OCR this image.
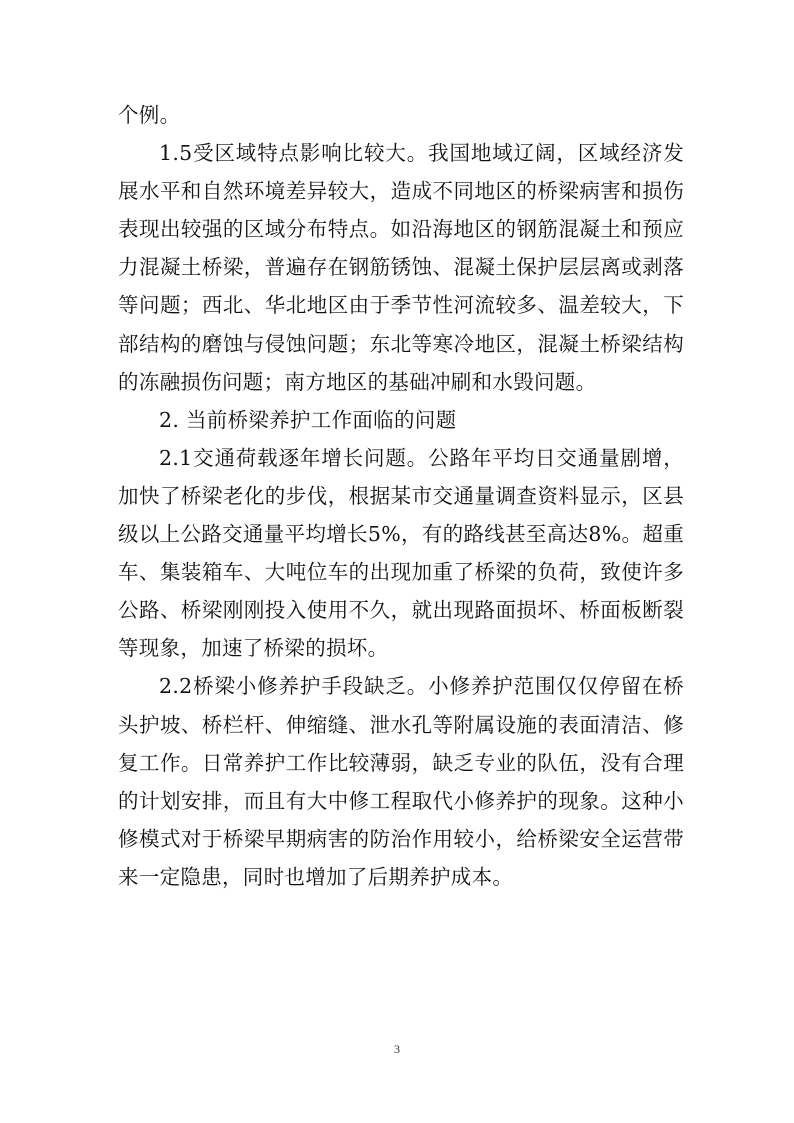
个例。

1.5受区域特点影响比较大。我国地域辽阔，区域经济发展水平和自然环境差异较大，造成不同地区的桥梁病害和损伤表现出较强的区域分布特点。如沿海地区的钢筋混凝土和预应力混凝土桥梁，普遍存在钢筋锈蚀、混凝土保护层层离或剥落等问题；西北、华北地区由于季节性河流较多、温差较大，下部结构的磨蚀与侵蚀问题；东北等寒冷地区，混凝土桥梁结构的冻融损伤问题；南方地区的基础冲刷和水毁问题。

2. 当前桥梁养护工作面临的问题

2.1交通荷载逐年增长问题。公路年平均日交通量剧增，加快了桥梁老化的步伐，根据某市交通量调查资料显示，区县级以上公路交通量平均增长5%，有的路线甚至高达8%。超重车、集装箱车、大吨位车的出现加重了桥梁的负荷，致使许多公路、桥梁刚刚投入使用不久，就出现路面损坏、桥面板断裂等现象，加速了桥梁的损坏。

2.2桥梁小修养护手段缺乏。小修养护范围仅仅停留在桥头护坡、桥栏杆、伸缩缝、泄水孔等附属设施的表面清洁、修复工作。日常养护工作比较薄弱，缺乏专业的队伍，没有合理的计划安排，而且有大中修工程取代小修养护的现象。这种小修模式对于桥梁早期病害的防治作用较小，给桥梁安全运营带来一定隐患，同时也增加了后期养护成本。

3
